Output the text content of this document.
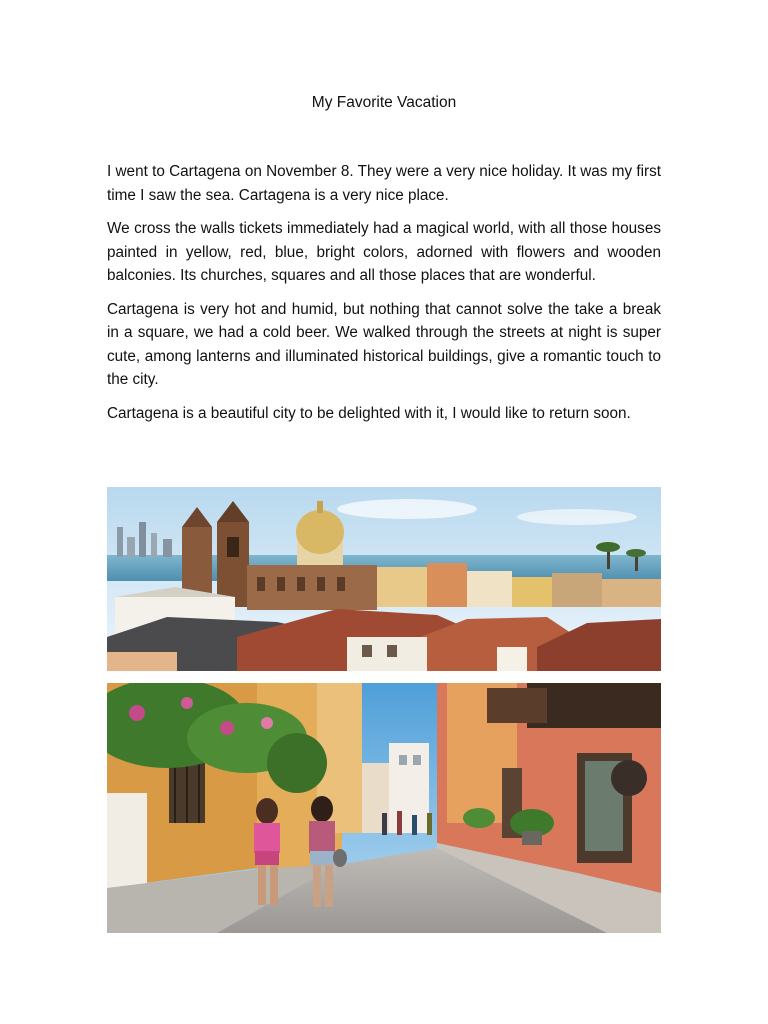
My Favorite Vacation

I went to Cartagena on November 8. They were a very nice holiday. It was my first time I saw the sea. Cartagena is a very nice place.

We cross the walls tickets immediately had a magical world, with all those houses painted in yellow, red, blue, bright colors, adorned with flowers and wooden balconies. Its churches, squares and all those places that are wonderful.

Cartagena is very hot and humid, but nothing that cannot solve the take a break in a square, we had a cold beer. We walked through the streets at night is super cute, among lanterns and illuminated historical buildings, give a romantic touch to the city.

Cartagena is a beautiful city to be delighted with it, I would like to return soon.
